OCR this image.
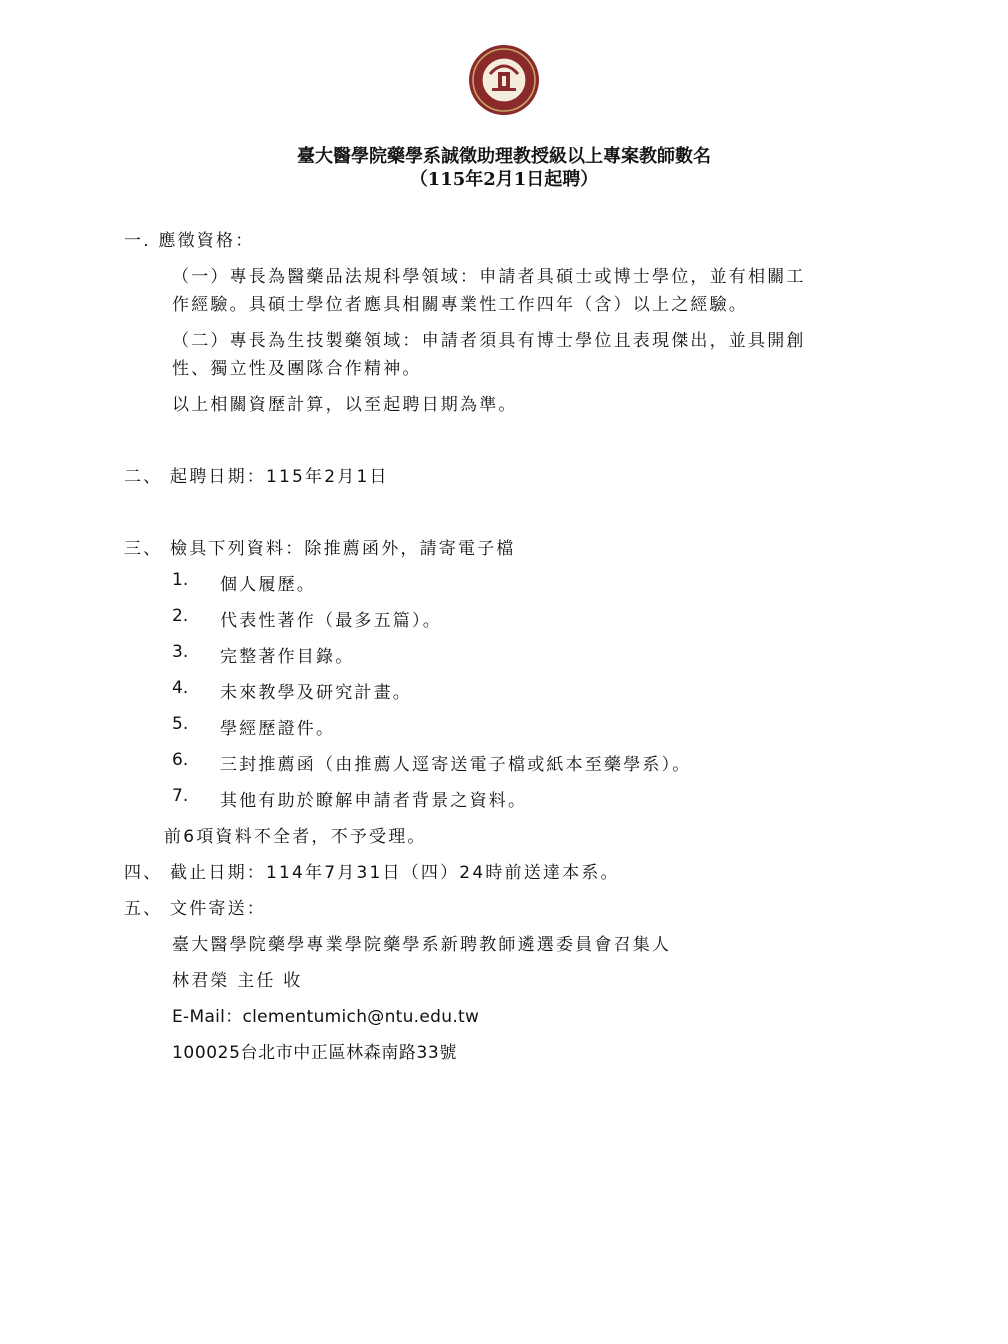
臺大醫學院藥學系誠徵助理教授級以上專案教師數名
（115年2月1日起聘）
一. 應徵資格：
（一）專長為醫藥品法規科學領域：申請者具碩士或博士學位，並有相關工
作經驗。具碩士學位者應具相關專業性工作四年（含）以上之經驗。
（二）專長為生技製藥領域：申請者須具有博士學位且表現傑出，並具開創
性、獨立性及團隊合作精神。
以上相關資歷計算，以至起聘日期為準。
二、 起聘日期：115年2月1日
三、 檢具下列資料：除推薦函外，請寄電子檔
1. 個人履歷。
2. 代表性著作（最多五篇）。
3. 完整著作目錄。
4. 未來教學及研究計畫。
5. 學經歷證件。
6. 三封推薦函（由推薦人逕寄送電子檔或紙本至藥學系）。
7. 其他有助於瞭解申請者背景之資料。
前6項資料不全者，不予受理。
四、 截止日期：114年7月31日（四）24時前送達本系。
五、 文件寄送：
臺大醫學院藥學專業學院藥學系新聘教師遴選委員會召集人
林君榮 主任 收
E-Mail：clementumich@ntu.edu.tw
100025台北市中正區林森南路33號
